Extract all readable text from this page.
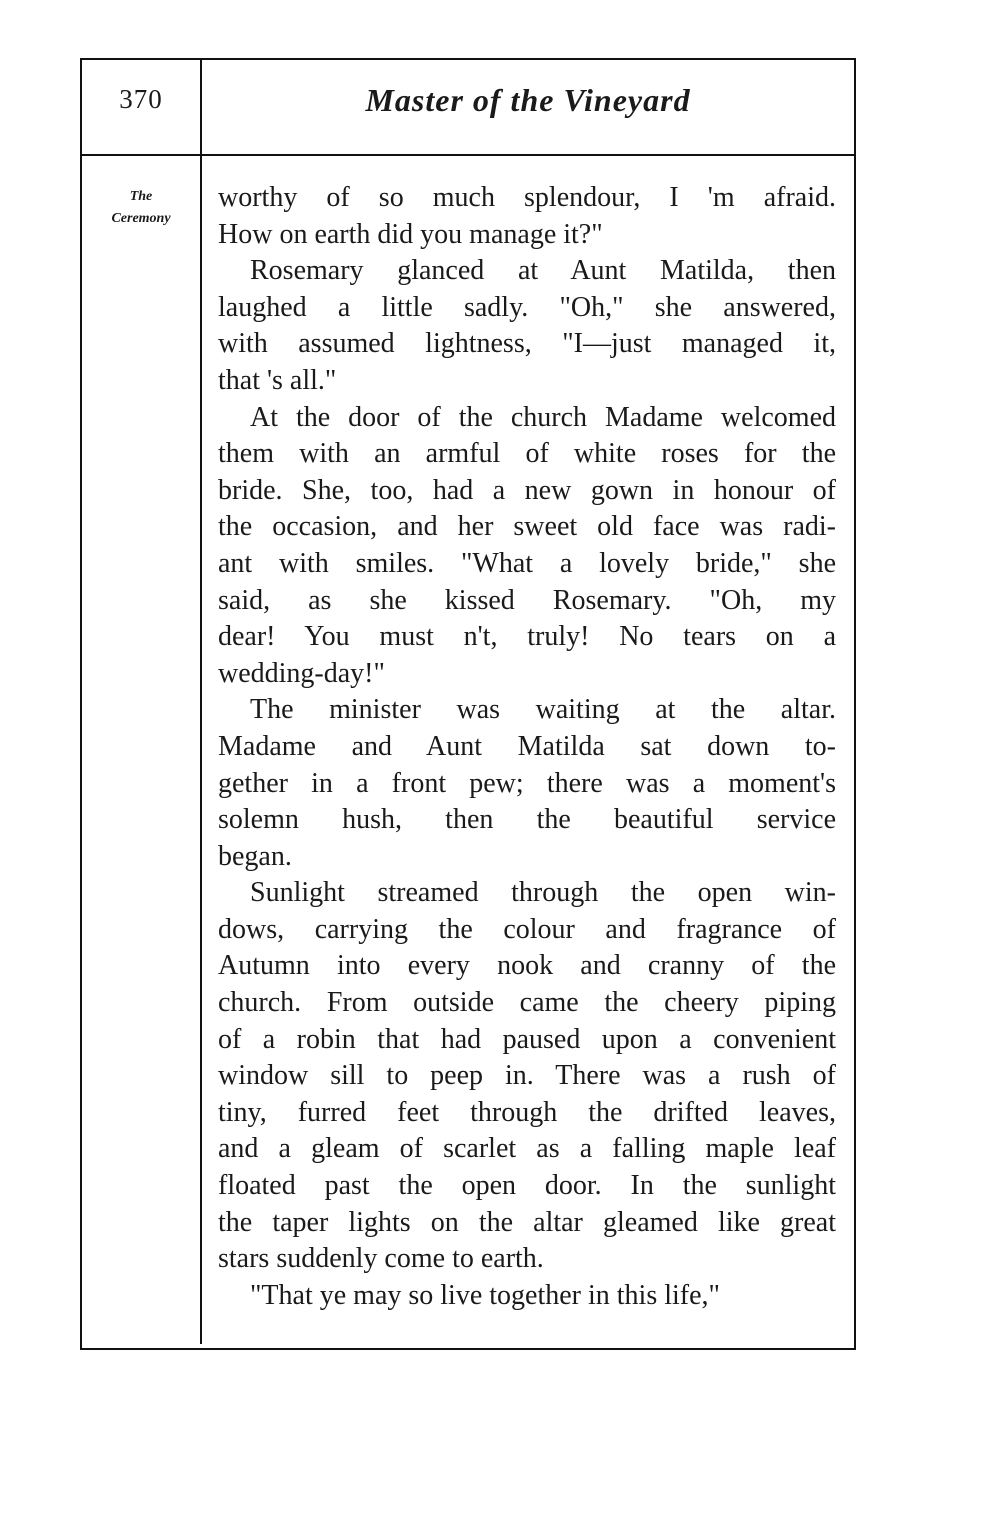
370	Master of the Vineyard
The
Ceremony
worthy of so much splendour, I 'm afraid.
How on earth did you manage it?"
Rosemary glanced at Aunt Matilda, then
laughed a little sadly. "Oh," she answered,
with assumed lightness, "I—just managed it,
that 's all."
At the door of the church Madame welcomed
them with an armful of white roses for the
bride. She, too, had a new gown in honour of
the occasion, and her sweet old face was radi-
ant with smiles. "What a lovely bride," she
said, as she kissed Rosemary. "Oh, my
dear! You must n't, truly! No tears on a
wedding-day!"
The minister was waiting at the altar.
Madame and Aunt Matilda sat down to-
gether in a front pew; there was a moment's
solemn hush, then the beautiful service
began.
Sunlight streamed through the open win-
dows, carrying the colour and fragrance of
Autumn into every nook and cranny of the
church. From outside came the cheery piping
of a robin that had paused upon a convenient
window sill to peep in. There was a rush of
tiny, furred feet through the drifted leaves,
and a gleam of scarlet as a falling maple leaf
floated past the open door. In the sunlight
the taper lights on the altar gleamed like great
stars suddenly come to earth.
"That ye may so live together in this life,"
